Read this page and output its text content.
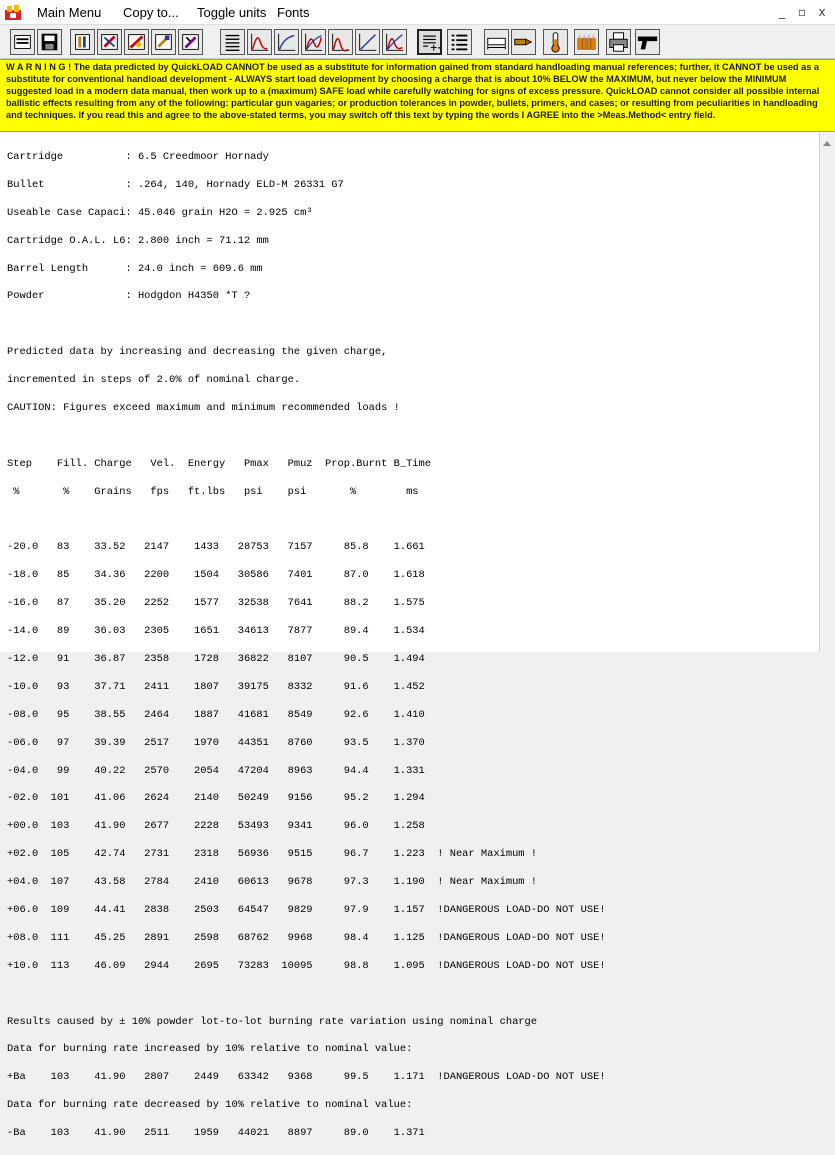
Main Menu Copy to... Toggle units Fonts	_	▫	x
+-
W A R N I N G ! The data predicted by QuickLOAD CANNOT be used as a substitute for information gained from standard handloading manual references; further, it CANNOT be used as a substitute for conventional handload development - ALWAYS start load development by choosing a charge that is about 10% BELOW the MAXIMUM, but never below the MINIMUM suggested load in a modern data manual, then work up to a (maximum) SAFE load while carefully watching for signs of excess pressure. QuickLOAD cannot consider all possible internal ballistic effects resulting from any of the following: particular gun vagaries; or production tolerances in powder, bullets, primers, and cases; or resulting from peculiarities in handloading and techniques. If you read this and agree to the above-stated terms, you may switch off this text by typing the words I AGREE into the >Meas.Method< entry field.

Cartridge          : 6.5 Creedmoor Hornady

Bullet             : .264, 140, Hornady ELD-M 26331 G7

Useable Case Capaci: 45.046 grain H2O = 2.925 cm³

Cartridge O.A.L. L6: 2.800 inch = 71.12 mm

Barrel Length      : 24.0 inch = 609.6 mm

Powder             : Hodgdon H4350 *T ?

Predicted data by increasing and decreasing the given charge,

incremented in steps of 2.0% of nominal charge.

CAUTION: Figures exceed maximum and minimum recommended loads !

Step    Fill. Charge   Vel.  Energy   Pmax   Pmuz  Prop.Burnt B_Time

%       %    Grains   fps   ft.lbs   psi    psi       %        ms

-20.0   83    33.52   2147    1433   28753   7157     85.8    1.661

-18.0   85    34.36   2200    1504   30586   7401     87.0    1.618

-16.0   87    35.20   2252    1577   32538   7641     88.2    1.575

-14.0   89    36.03   2305    1651   34613   7877     89.4    1.534

-12.0   91    36.87   2358    1728   36822   8107     90.5    1.494

-10.0   93    37.71   2411    1807   39175   8332     91.6    1.452

-08.0   95    38.55   2464    1887   41681   8549     92.6    1.410

-06.0   97    39.39   2517    1970   44351   8760     93.5    1.370

-04.0   99    40.22   2570    2054   47204   8963     94.4    1.331

-02.0  101    41.06   2624    2140   50249   9156     95.2    1.294

+00.0  103    41.90   2677    2228   53493   9341     96.0    1.258

+02.0  105    42.74   2731    2318   56936   9515     96.7    1.223  ! Near Maximum !

+04.0  107    43.58   2784    2410   60613   9678     97.3    1.190  ! Near Maximum !

+06.0  109    44.41   2838    2503   64547   9829     97.9    1.157  !DANGEROUS LOAD-DO NOT USE!

+08.0  111    45.25   2891    2598   68762   9968     98.4    1.125  !DANGEROUS LOAD-DO NOT USE!

+10.0  113    46.09   2944    2695   73283  10095     98.8    1.095  !DANGEROUS LOAD-DO NOT USE!

Results caused by ± 10% powder lot-to-lot burning rate variation using nominal charge

Data for burning rate increased by 10% relative to nominal value:

+Ba    103    41.90   2807    2449   63342   9368     99.5    1.171  !DANGEROUS LOAD-DO NOT USE!

Data for burning rate decreased by 10% relative to nominal value:

-Ba    103    41.90   2511    1959   44021   8897     89.0    1.371
